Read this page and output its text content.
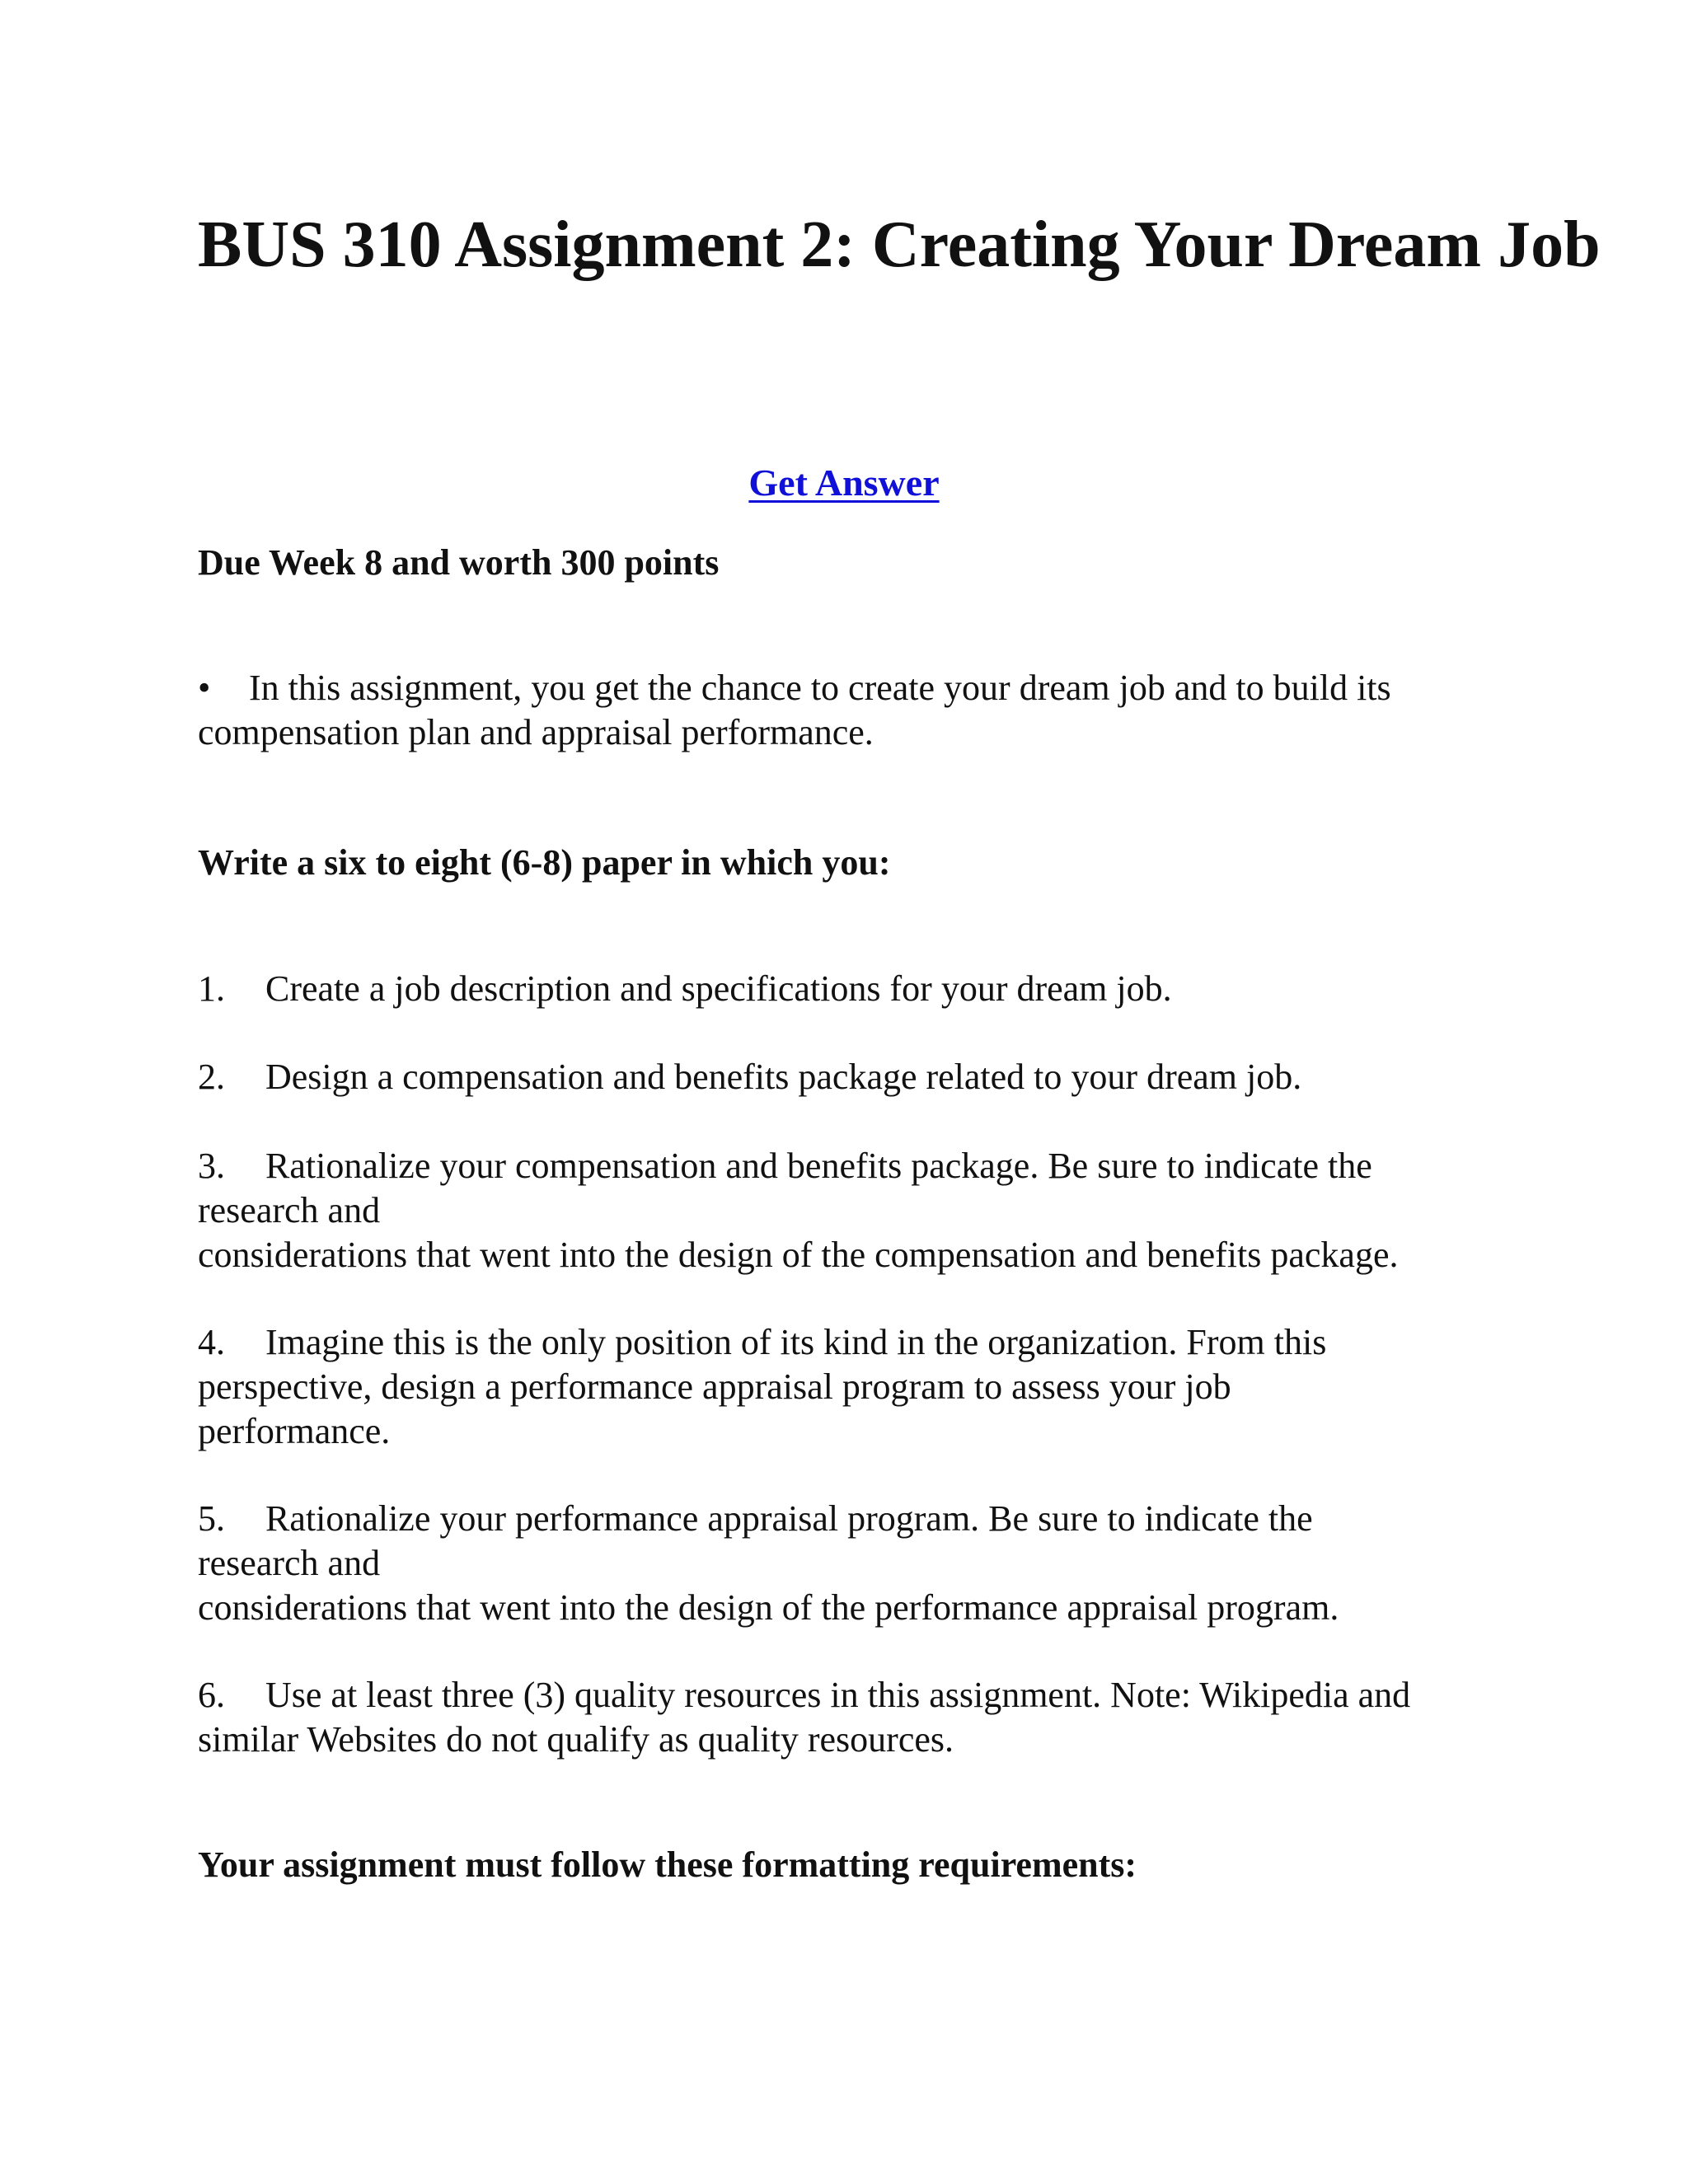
BUS 310 Assignment 2: Creating Your Dream Job
Get Answer

Due Week 8 and worth 300 points

• In this assignment, you get the chance to create your dream job and to build its
compensation plan and appraisal performance.

Write a six to eight (6-8) paper in which you:

1. Create a job description and specifications for your dream job.

2. Design a compensation and benefits package related to your dream job.

3. Rationalize your compensation and benefits package. Be sure to indicate the
research and
considerations that went into the design of the compensation and benefits package.

4. Imagine this is the only position of its kind in the organization. From this
perspective, design a performance appraisal program to assess your job
performance.

5. Rationalize your performance appraisal program. Be sure to indicate the
research and
considerations that went into the design of the performance appraisal program.

6. Use at least three (3) quality resources in this assignment. Note: Wikipedia and
similar Websites do not qualify as quality resources.

Your assignment must follow these formatting requirements:
